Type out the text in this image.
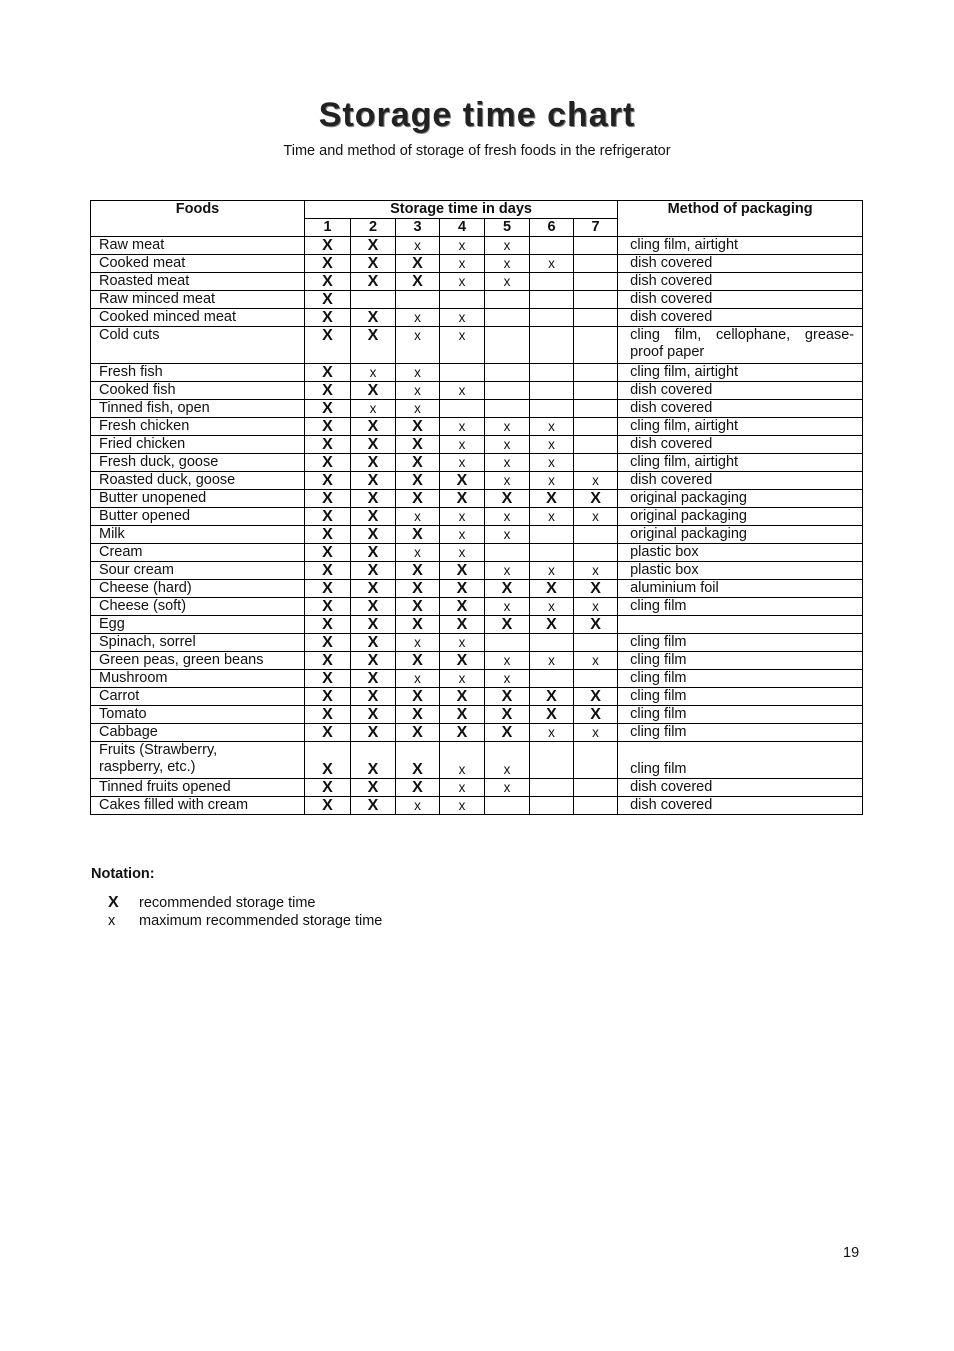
Storage time chart

Time and method of storage of fresh foods in the refrigerator

Foods	Storage time in days							Method of packaging
	1	2	3	4	5	6	7	
Raw meat	X	X	x	x	x			cling film, airtight
Cooked meat	X	X	X	x	x	x		dish covered
Roasted meat	X	X	X	x	x			dish covered
Raw minced meat	X							dish covered
Cooked minced meat	X	X	x	x				dish covered
Cold cuts	X	X	x	x				cling film, cellophane, grease-proof paper
Fresh fish	X	x	x					cling film, airtight
Cooked fish	X	X	x	x				dish covered
Tinned fish, open	X	x	x					dish covered
Fresh chicken	X	X	X	x	x	x		cling film, airtight
Fried chicken	X	X	X	x	x	x		dish covered
Fresh duck, goose	X	X	X	x	x	x		cling film, airtight
Roasted duck, goose	X	X	X	X	x	x	x	dish covered
Butter unopened	X	X	X	X	X	X	X	original packaging
Butter opened	X	X	x	x	x	x	x	original packaging
Milk	X	X	X	x	x			original packaging
Cream	X	X	x	x				plastic box
Sour cream	X	X	X	X	x	x	x	plastic box
Cheese (hard)	X	X	X	X	X	X	X	aluminium foil
Cheese (soft)	X	X	X	X	x	x	x	cling film
Egg	X	X	X	X	X	X	X	
Spinach, sorrel	X	X	x	x				cling film
Green peas, green beans	X	X	X	X	x	x	x	cling film
Mushroom	X	X	x	x	x			cling film
Carrot	X	X	X	X	X	X	X	cling film
Tomato	X	X	X	X	X	X	X	cling film
Cabbage	X	X	X	X	X	x	x	cling film
Fruits (Strawberry, raspberry, etc.)	X	X	X	x	x			cling film
Tinned fruits opened	X	X	X	x	x			dish covered
Cakes filled with cream	X	X	x	x				dish covered

Notation:

X recommended storage time
x maximum recommended storage time
19
